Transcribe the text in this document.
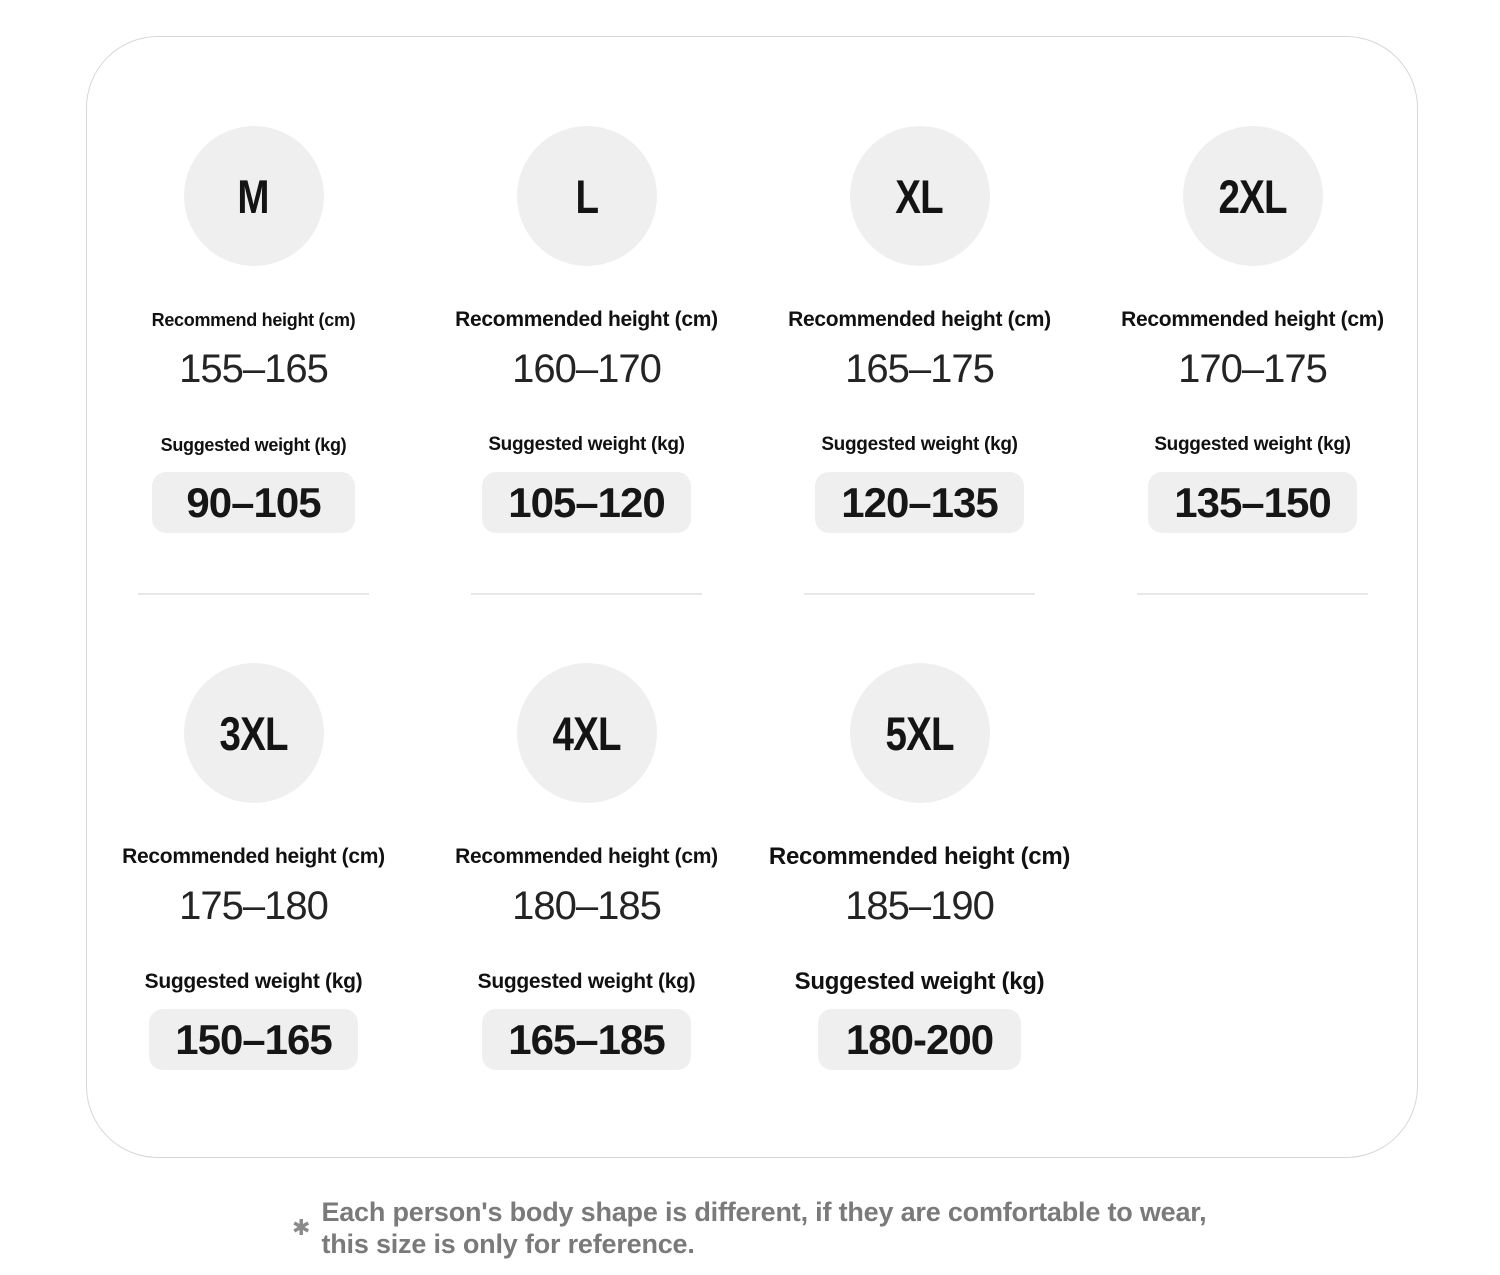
M
Recommend height (cm)
155–165
Suggested weight (kg)
90–105
L
Recommended height (cm)
160–170
Suggested weight (kg)
105–120
XL
Recommended height (cm)
165–175
Suggested weight (kg)
120–135
2XL
Recommended height (cm)
170–175
Suggested weight (kg)
135–150
3XL
Recommended height (cm)
175–180
Suggested weight (kg)
150–165
4XL
Recommended height (cm)
180–185
Suggested weight (kg)
165–185
5XL
Recommended height (cm)
185–190
Suggested weight (kg)
180-200
✱

Each person's body shape is different, if they are comfortable to wear, this size is only for reference.
